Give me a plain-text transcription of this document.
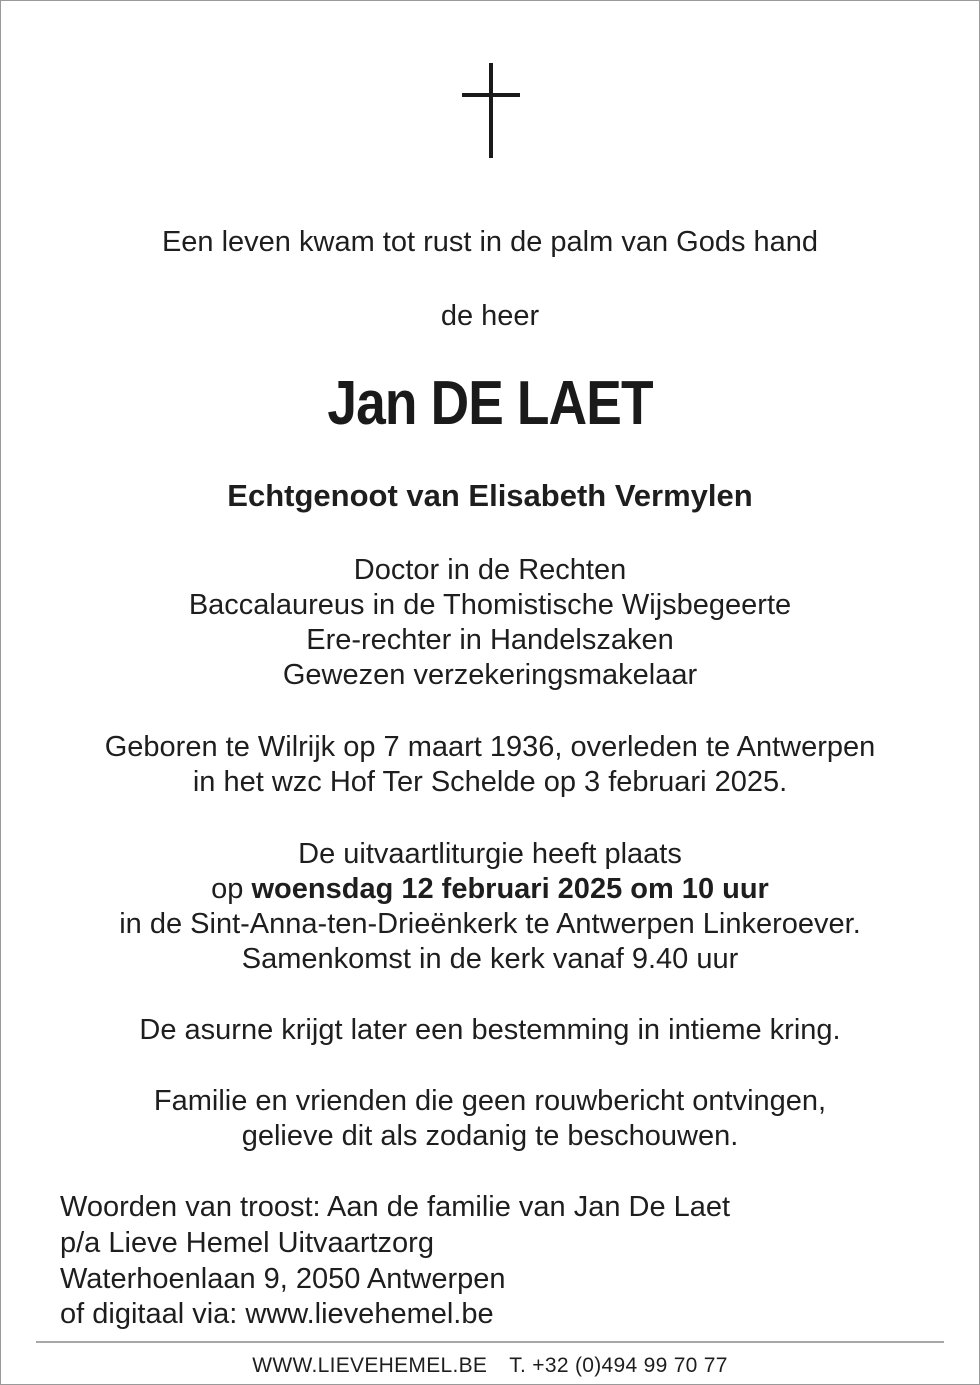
Een leven kwam tot rust in de palm van Gods hand
de heer
Jan DE LAET
Echtgenoot van Elisabeth Vermylen
Doctor in de Rechten
Baccalaureus in de Thomistische Wijsbegeerte
Ere-rechter in Handelszaken
Gewezen verzekeringsmakelaar
Geboren te Wilrijk op 7 maart 1936, overleden te Antwerpen
in het wzc Hof Ter Schelde op 3 februari 2025.
De uitvaartliturgie heeft plaats
op woensdag 12 februari 2025 om 10 uur
in de Sint-Anna-ten-Drieënkerk te Antwerpen Linkeroever.
Samenkomst in de kerk vanaf 9.40 uur
De asurne krijgt later een bestemming in intieme kring.
Familie en vrienden die geen rouwbericht ontvingen,
gelieve dit als zodanig te beschouwen.
Woorden van troost: Aan de familie van Jan De Laet
p/a Lieve Hemel Uitvaartzorg
Waterhoenlaan 9, 2050 Antwerpen
of digitaal via: www.lievehemel.be
WWW.LIEVEHEMEL.BE T. +32 (0)494 99 70 77
